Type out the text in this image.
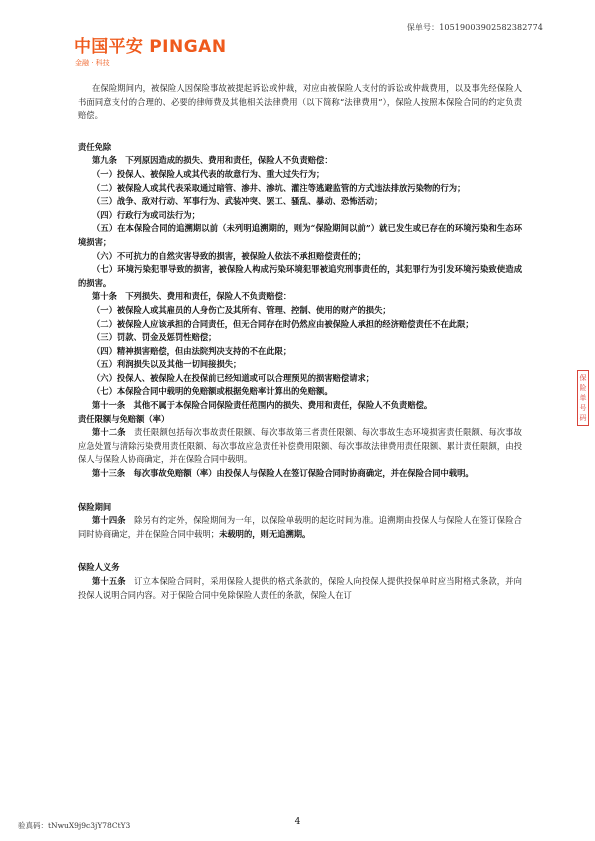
保单号：10519003902582382774
中国平安 PINGAN
金融 · 科技

在保险期间内，被保险人因保险事故被提起诉讼或仲裁，对应由被保险人支付的诉讼或仲裁费用，以及事先经保险人书面同意支付的合理的、必要的律师费及其他相关法律费用（以下简称“法律费用”），保险人按照本保险合同的约定负责赔偿。

责任免除

第九条　 下列原因造成的损失、费用和责任，保险人不负责赔偿：

（一）投保人、被保险人或其代表的故意行为、重大过失行为；

（二）被保险人或其代表采取通过暗管、渗井、渗坑、灌注等逃避监管的方式违法排放污染物的行为；

（三）战争、敌对行动、军事行为、武装冲突、罢工、骚乱、暴动、恐怖活动；

（四）行政行为或司法行为；

（五）在本保险合同的追溯期以前（未列明追溯期的，则为“保险期间以前”）就已发生或已存在的环境污染和生态环境损害；

（六）不可抗力的自然灾害导致的损害，被保险人依法不承担赔偿责任的；

（七）环境污染犯罪导致的损害，被保险人构成污染环境犯罪被追究刑事责任的，其犯罪行为引发环境污染致使造成的损害。

第十条　 下列损失、费用和责任，保险人不负责赔偿：

（一）被保险人或其雇员的人身伤亡及其所有、管理、控制、使用的财产的损失；

（二）被保险人应该承担的合同责任，但无合同存在时仍然应由被保险人承担的经济赔偿责任不在此限；

（三）罚款、罚金及惩罚性赔偿；

（四）精神损害赔偿，但由法院判决支持的不在此限；

（五）利润损失以及其他一切间接损失；

（六）投保人、被保险人在投保前已经知道或可以合理预见的损害赔偿请求；

（七）本保险合同中载明的免赔额或根据免赔率计算出的免赔额。

第十一条　 其他不属于本保险合同保险责任范围内的损失、费用和责任，保险人不负责赔偿。

责任限额与免赔额（率）

第十二条　 责任限额包括每次事故责任限额、每次事故第三者责任限额、每次事故生态环境损害责任限额、每次事故应急处置与清除污染费用责任限额、每次事故应急责任补偿费用限额、每次事故法律费用责任限额、累计责任限额，由投保人与保险人协商确定，并在保险合同中载明。

第十三条　 每次事故免赔额（率）由投保人与保险人在签订保险合同时协商确定，并在保险合同中载明。

保险期间

第十四条　 除另有约定外，保险期间为一年，以保险单载明的起讫时间为准。追溯期由投保人与保险人在签订保险合同时协商确定，并在保险合同中载明；未载明的，则无追溯期。

保险人义务

第十五条　 订立本保险合同时，采用保险人提供的格式条款的，保险人向投保人提供投保单时应当附格式条款，并向投保人说明合同内容。对于保险合同中免除保险人责任的条款，保险人在订

保
险
单
号
码
验真码：tNwuX9j9c3jY78CtY3	4
